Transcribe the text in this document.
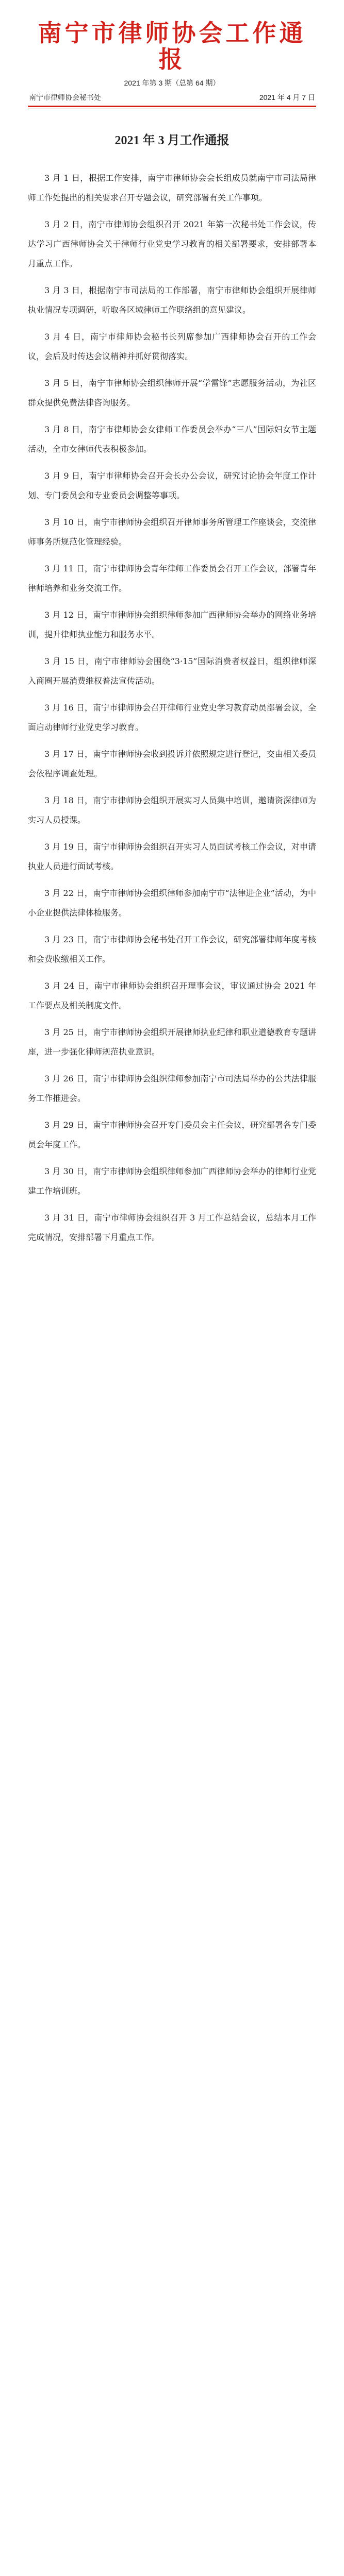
南宁市律师协会工作通报
2021 年第 3 期（总第 64 期）
南宁市律师协会秘书处	2021 年 4 月 7 日
2021 年 3 月工作通报

3 月 1 日，根据工作安排，南宁市律师协会会长组成员就南宁市司法局律师工作处提出的相关要求召开专题会议，研究部署有关工作事项。

3 月 2 日，南宁市律师协会组织召开 2021 年第一次秘书处工作会议，传达学习广西律师协会关于律师行业党史学习教育的相关部署要求，安排部署本月重点工作。

3 月 3 日，根据南宁市司法局的工作部署，南宁市律师协会组织开展律师执业情况专项调研，听取各区域律师工作联络组的意见建议。

3 月 4 日，南宁市律师协会秘书长列席参加广西律师协会召开的工作会议，会后及时传达会议精神并抓好贯彻落实。

3 月 5 日，南宁市律师协会组织律师开展“学雷锋”志愿服务活动，为社区群众提供免费法律咨询服务。

3 月 8 日，南宁市律师协会女律师工作委员会举办“三八”国际妇女节主题活动，全市女律师代表积极参加。

3 月 9 日，南宁市律师协会召开会长办公会议，研究讨论协会年度工作计划、专门委员会和专业委员会调整等事项。

3 月 10 日，南宁市律师协会组织召开律师事务所管理工作座谈会，交流律师事务所规范化管理经验。

3 月 11 日，南宁市律师协会青年律师工作委员会召开工作会议，部署青年律师培养和业务交流工作。

3 月 12 日，南宁市律师协会组织律师参加广西律师协会举办的网络业务培训，提升律师执业能力和服务水平。

3 月 15 日，南宁市律师协会围绕“3·15”国际消费者权益日，组织律师深入商圈开展消费维权普法宣传活动。

3 月 16 日，南宁市律师协会召开律师行业党史学习教育动员部署会议，全面启动律师行业党史学习教育。

3 月 17 日，南宁市律师协会收到投诉并依照规定进行登记，交由相关委员会依程序调查处理。

3 月 18 日，南宁市律师协会组织开展实习人员集中培训，邀请资深律师为实习人员授课。

3 月 19 日，南宁市律师协会组织召开实习人员面试考核工作会议，对申请执业人员进行面试考核。

3 月 22 日，南宁市律师协会组织律师参加南宁市“法律进企业”活动，为中小企业提供法律体检服务。

3 月 23 日，南宁市律师协会秘书处召开工作会议，研究部署律师年度考核和会费收缴相关工作。

3 月 24 日，南宁市律师协会组织召开理事会议，审议通过协会 2021 年工作要点及相关制度文件。

3 月 25 日，南宁市律师协会组织开展律师执业纪律和职业道德教育专题讲座，进一步强化律师规范执业意识。

3 月 26 日，南宁市律师协会组织律师参加南宁市司法局举办的公共法律服务工作推进会。

3 月 29 日，南宁市律师协会召开专门委员会主任会议，研究部署各专门委员会年度工作。

3 月 30 日，南宁市律师协会组织律师参加广西律师协会举办的律师行业党建工作培训班。

3 月 31 日，南宁市律师协会组织召开 3 月工作总结会议，总结本月工作完成情况，安排部署下月重点工作。
